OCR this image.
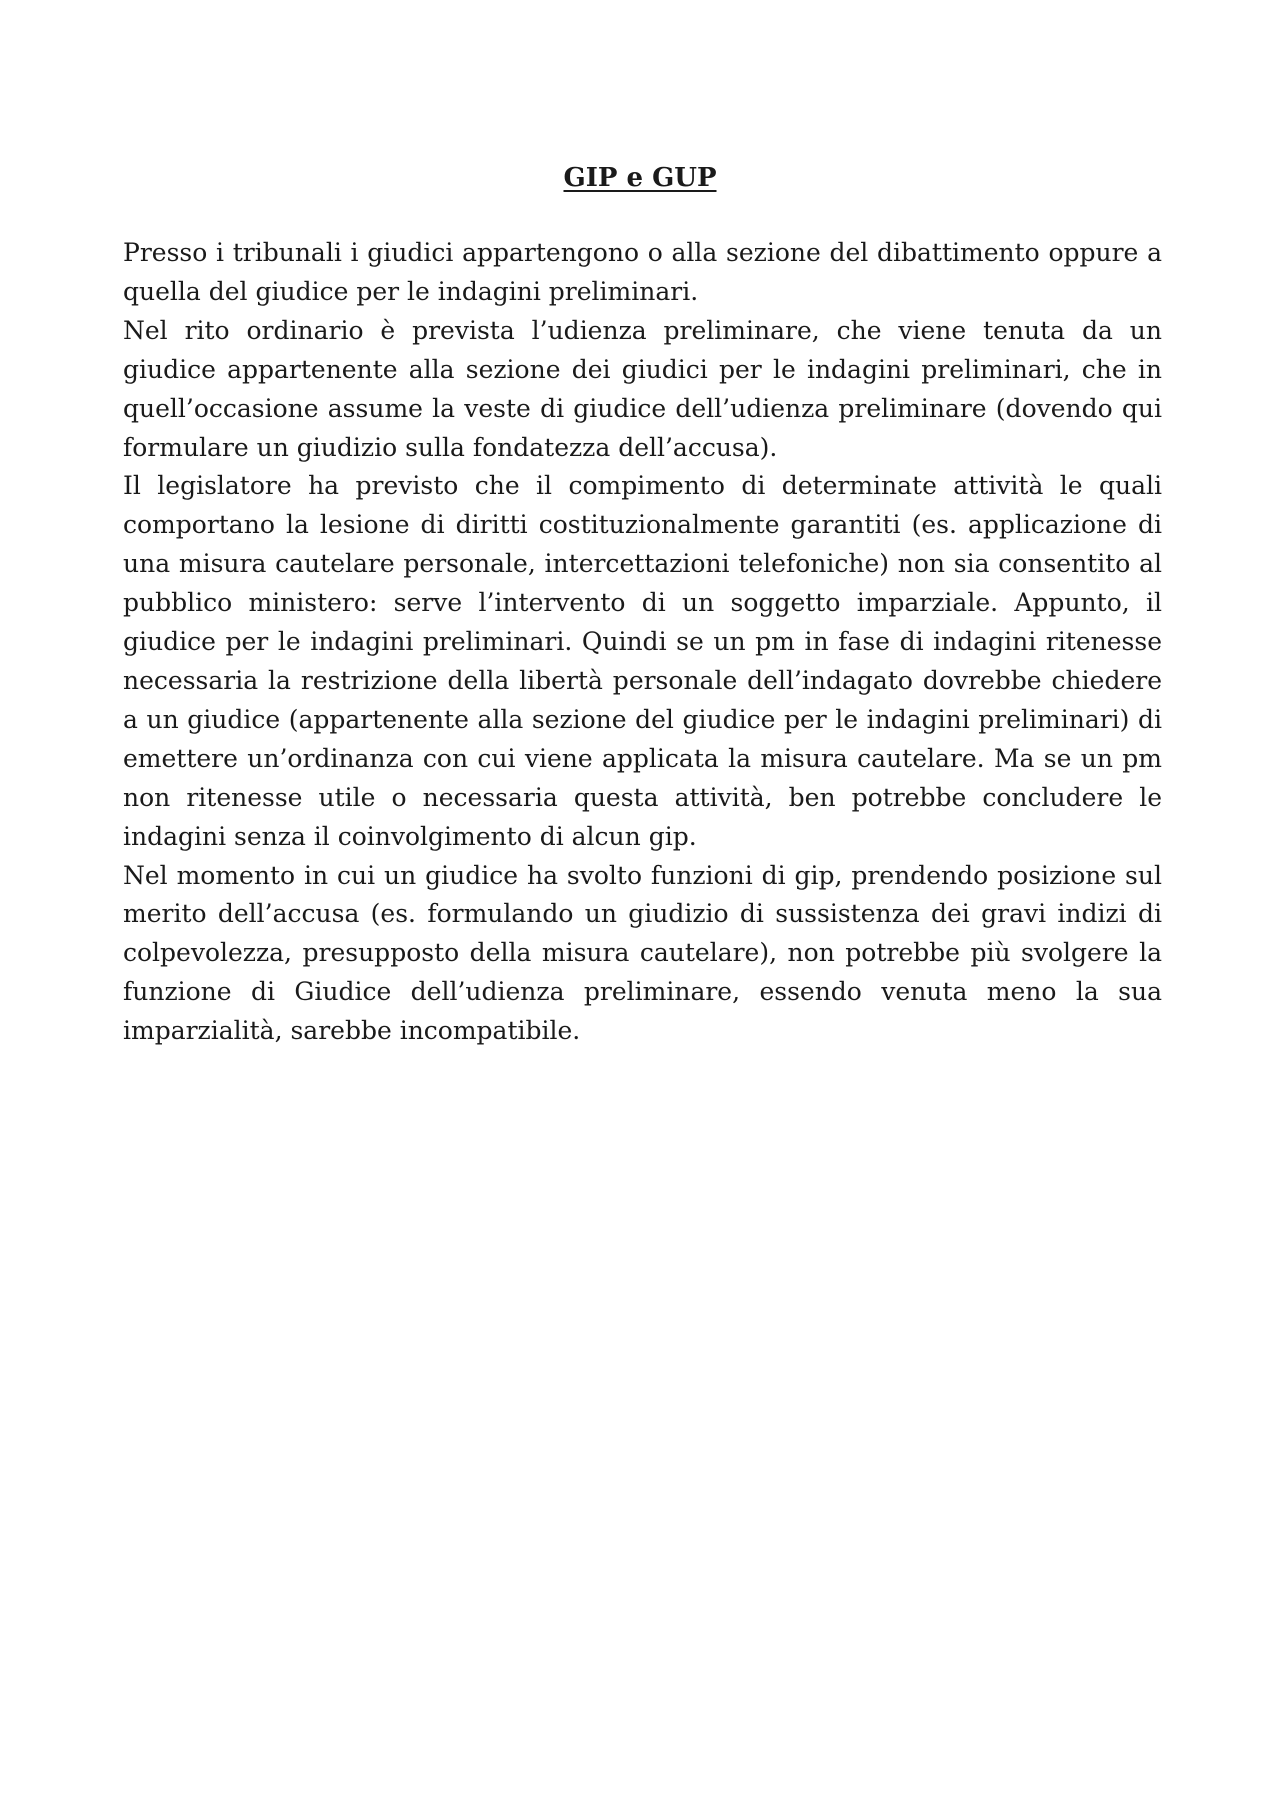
GIP e GUP

Presso i tribunali i giudici appartengono o alla sezione del dibattimento oppure a quella del giudice per le indagini preliminari.

Nel rito ordinario è prevista l’udienza preliminare, che viene tenuta da un giudice appartenente alla sezione dei giudici per le indagini preliminari, che in quell’occasione assume la veste di giudice dell’udienza preliminare (dovendo qui formulare un giudizio sulla fondatezza dell’accusa).

Il legislatore ha previsto che il compimento di determinate attività le quali comportano la lesione di diritti costituzionalmente garantiti (es. applicazione di una misura cautelare personale, intercettazioni telefoniche) non sia consentito al pubblico ministero: serve l’intervento di un soggetto imparziale. Appunto, il giudice per le indagini preliminari. Quindi se un pm in fase di indagini ritenesse necessaria la restrizione della libertà personale dell’indagato dovrebbe chiedere a un giudice (appartenente alla sezione del giudice per le indagini preliminari) di emettere un’ordinanza con cui viene applicata la misura cautelare. Ma se un pm non ritenesse utile o necessaria questa attività, ben potrebbe concludere le indagini senza il coinvolgimento di alcun gip.

Nel momento in cui un giudice ha svolto funzioni di gip, prendendo posizione sul merito dell’accusa (es. formulando un giudizio di sussistenza dei gravi indizi di colpevolezza, presupposto della misura cautelare), non potrebbe più svolgere la funzione di Giudice dell’udienza preliminare, essendo venuta meno la sua imparzialità, sarebbe incompatibile.
